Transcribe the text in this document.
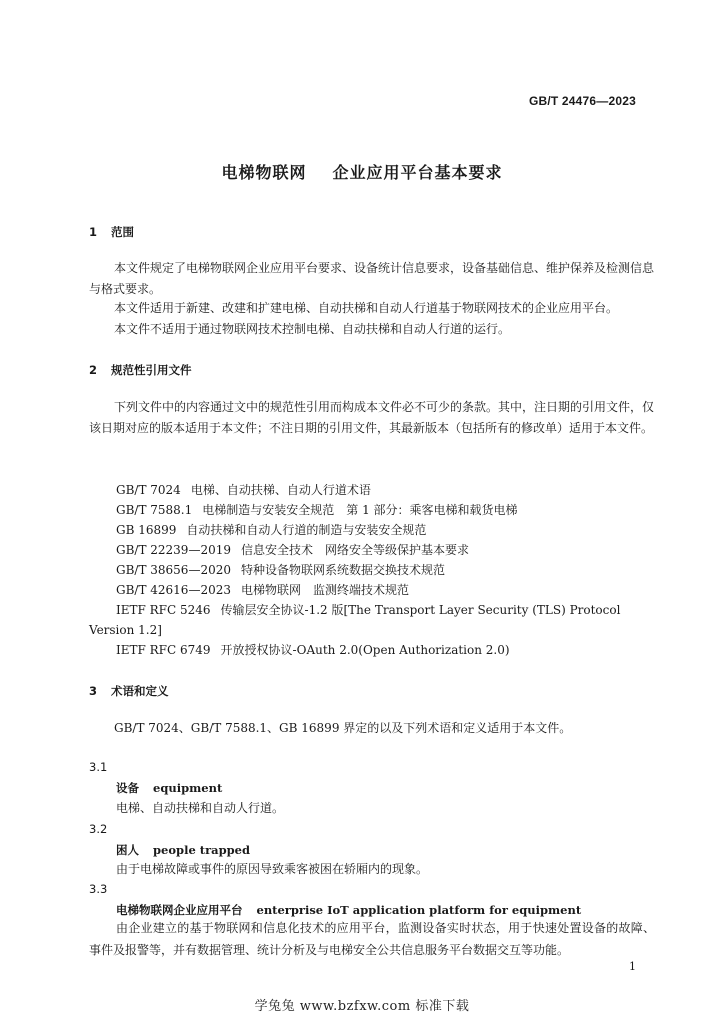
GB/T 24476—2023
电梯物联网 企业应用平台基本要求
1 范围
本文件规定了电梯物联网企业应用平台要求、设备统计信息要求，设备基础信息、维护保养及检测信息与格式要求。
本文件适用于新建、改建和扩建电梯、自动扶梯和自动人行道基于物联网技术的企业应用平台。
本文件不适用于通过物联网技术控制电梯、自动扶梯和自动人行道的运行。
2 规范性引用文件
下列文件中的内容通过文中的规范性引用而构成本文件必不可少的条款。其中，注日期的引用文件，仅该日期对应的版本适用于本文件；不注日期的引用文件，其最新版本（包括所有的修改单）适用于本文件。
GB/T 7024 电梯、自动扶梯、自动人行道术语
GB/T 7588.1 电梯制造与安装安全规范　第 1 部分：乘客电梯和载货电梯
GB 16899 自动扶梯和自动人行道的制造与安装安全规范
GB/T 22239—2019 信息安全技术　网络安全等级保护基本要求
GB/T 38656—2020 特种设备物联网系统数据交换技术规范
GB/T 42616—2023 电梯物联网　监测终端技术规范
IETF RFC 5246 传输层安全协议-1.2 版[The Transport Layer Security (TLS) Protocol Version 1.2]
IETF RFC 6749 开放授权协议-OAuth 2.0(Open Authorization 2.0)
3 术语和定义
GB/T 7024、GB/T 7588.1、GB 16899 界定的以及下列术语和定义适用于本文件。
3.1
设备 equipment
电梯、自动扶梯和自动人行道。
3.2
困人 people trapped
由于电梯故障或事件的原因导致乘客被困在轿厢内的现象。
3.3
电梯物联网企业应用平台 enterprise IoT application platform for equipment
由企业建立的基于物联网和信息化技术的应用平台，监测设备实时状态，用于快速处置设备的故障、事件及报警等，并有数据管理、统计分析及与电梯安全公共信息服务平台数据交互等功能。
1
学兔兔 www.bzfxw.com 标准下载
